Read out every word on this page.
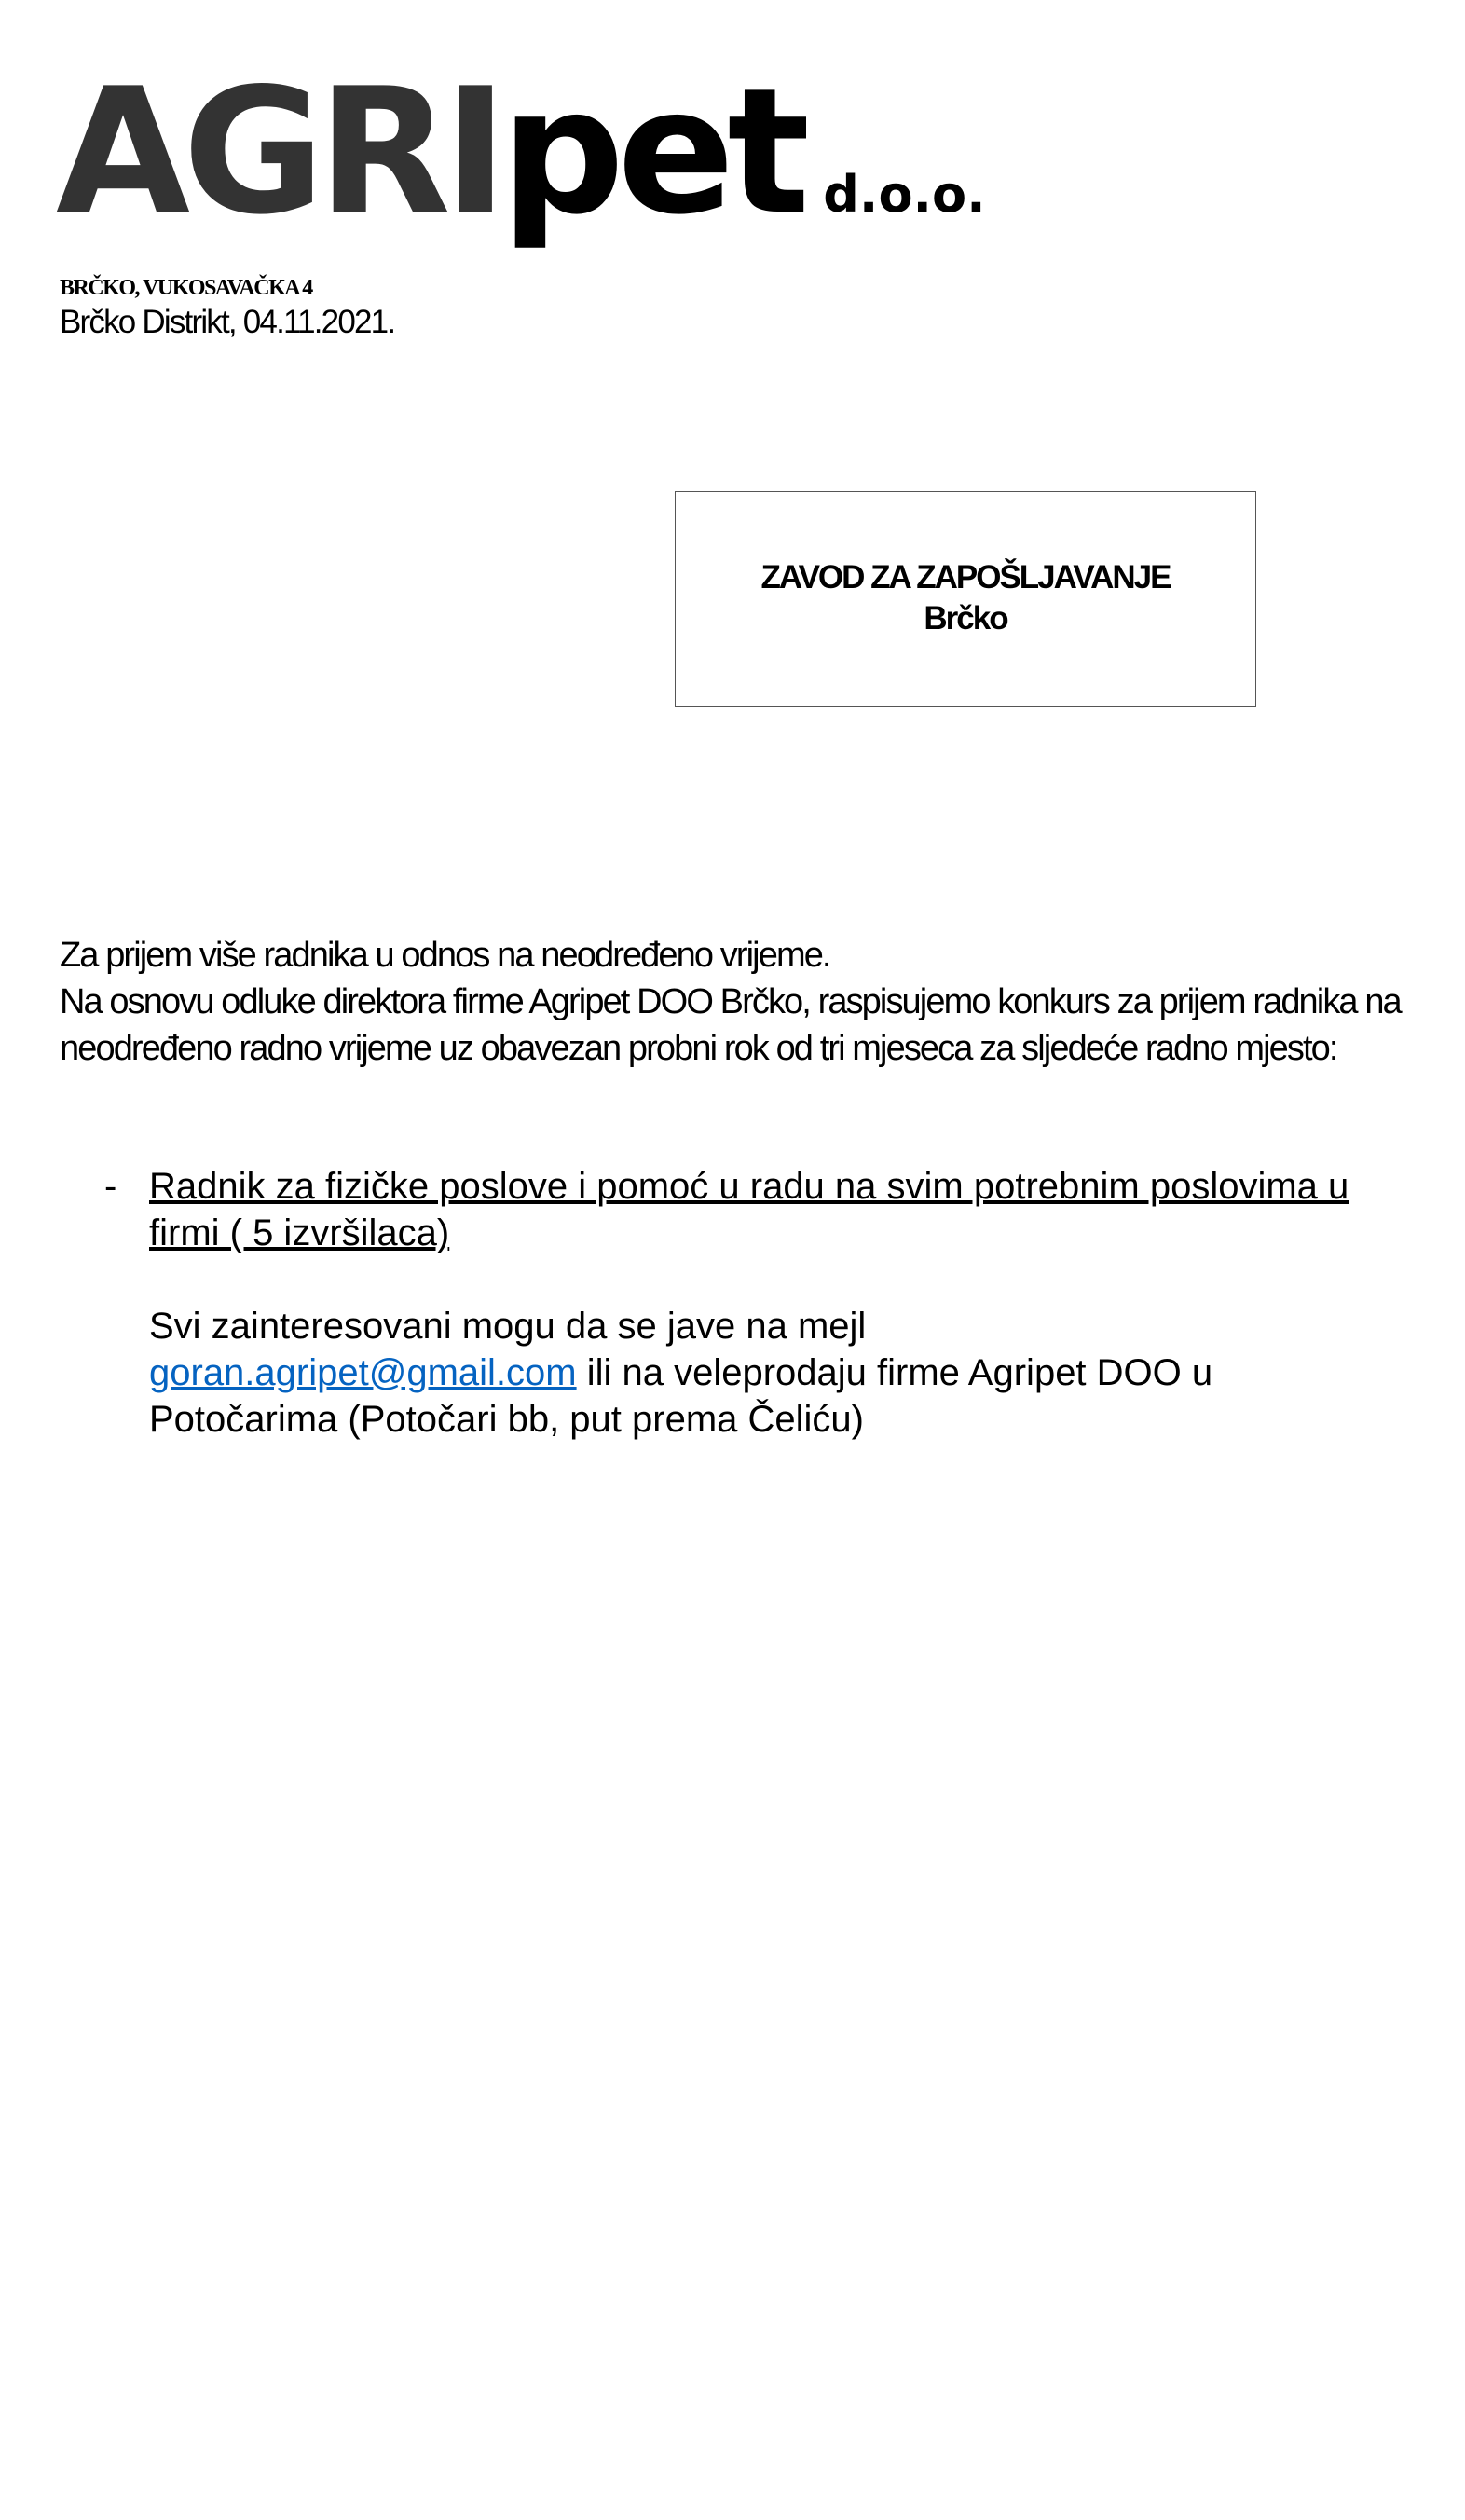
AGRIpet d.o.o.
BRČKO, VUKOSAVAČKA 4
Brčko Distrikt, 04.11.2021.
ZAVOD ZA ZAPOŠLJAVANJE
Brčko

Za prijem više radnika u odnos na neodređeno vrijeme.

Na osnovu odluke direktora firme Agripet DOO Brčko, raspisujemo konkurs za prijem radnika na neodređeno radno vrijeme uz obavezan probni rok od tri mjeseca za sljedeće radno mjesto:

- Radnik za fizičke poslove i pomoć u radu na svim potrebnim poslovima u firmi ( 5 izvršilaca)
Svi zainteresovani mogu da se jave na mejl
goran.agripet@gmail.com ili na veleprodaju firme Agripet DOO u Potočarima (Potočari bb, put prema Čeliću)
